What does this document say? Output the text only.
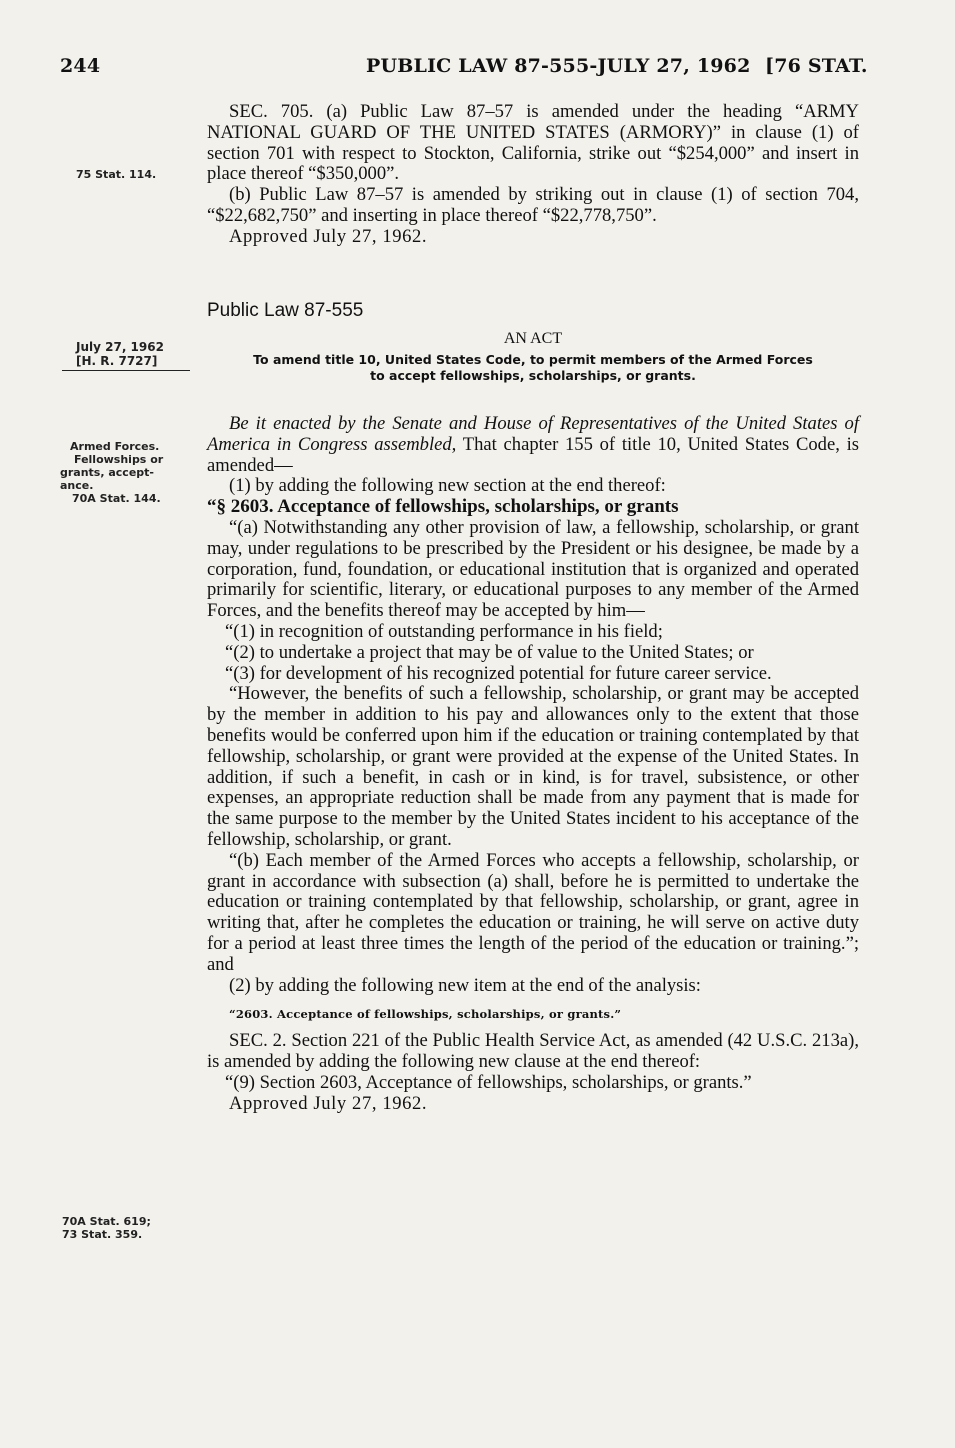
244	PUBLIC LAW 87-555-JULY 27, 1962 [76 STAT.
75 Stat. 114.

SEC. 705. (a) Public Law 87–57 is amended under the heading “ARMY NATIONAL GUARD OF THE UNITED STATES (ARMORY)” in clause (1) of section 701 with respect to Stockton, California, strike out “$254,000” and insert in place thereof “$350,000”.

(b) Public Law 87–57 is amended by striking out in clause (1) of section 704, “$22,682,750” and inserting in place thereof “$22,778,750”.

Approved July 27, 1962.

Public Law 87-555
July 27, 1962
[H. R. 7727]
AN ACT
To amend title 10, United States Code, to permit members of the Armed Forces
to accept fellowships, scholarships, or grants.
Armed Forces.
Fellowships or
grants, accept-
ance.
70A Stat. 144.

Be it enacted by the Senate and House of Representatives of the United States of America in Congress assembled, That chapter 155 of title 10, United States Code, is amended—

(1) by adding the following new section at the end thereof:

“§ 2603. Acceptance of fellowships, scholarships, or grants

“(a) Notwithstanding any other provision of law, a fellowship, scholarship, or grant may, under regulations to be prescribed by the President or his designee, be made by a corporation, fund, foundation, or educational institution that is organized and operated primarily for scientific, literary, or educational purposes to any member of the Armed Forces, and the benefits thereof may be accepted by him—

“(1) in recognition of outstanding performance in his field;

“(2) to undertake a project that may be of value to the United States; or

“(3) for development of his recognized potential for future career service.

“However, the benefits of such a fellowship, scholarship, or grant may be accepted by the member in addition to his pay and allowances only to the extent that those benefits would be conferred upon him if the education or training contemplated by that fellowship, scholarship, or grant were provided at the expense of the United States. In addition, if such a benefit, in cash or in kind, is for travel, subsistence, or other expenses, an appropriate reduction shall be made from any payment that is made for the same purpose to the member by the United States incident to his acceptance of the fellowship, scholarship, or grant.

“(b) Each member of the Armed Forces who accepts a fellowship, scholarship, or grant in accordance with subsection (a) shall, before he is permitted to undertake the education or training contemplated by that fellowship, scholarship, or grant, agree in writing that, after he completes the education or training, he will serve on active duty for a period at least three times the length of the period of the education or training.”; and

(2) by adding the following new item at the end of the analysis:

“2603. Acceptance of fellowships, scholarships, or grants.”

SEC. 2. Section 221 of the Public Health Service Act, as amended (42 U.S.C. 213a), is amended by adding the following new clause at the end thereof:

“(9) Section 2603, Acceptance of fellowships, scholarships, or grants.”

Approved July 27, 1962.

70A Stat. 619;
73 Stat. 359.
